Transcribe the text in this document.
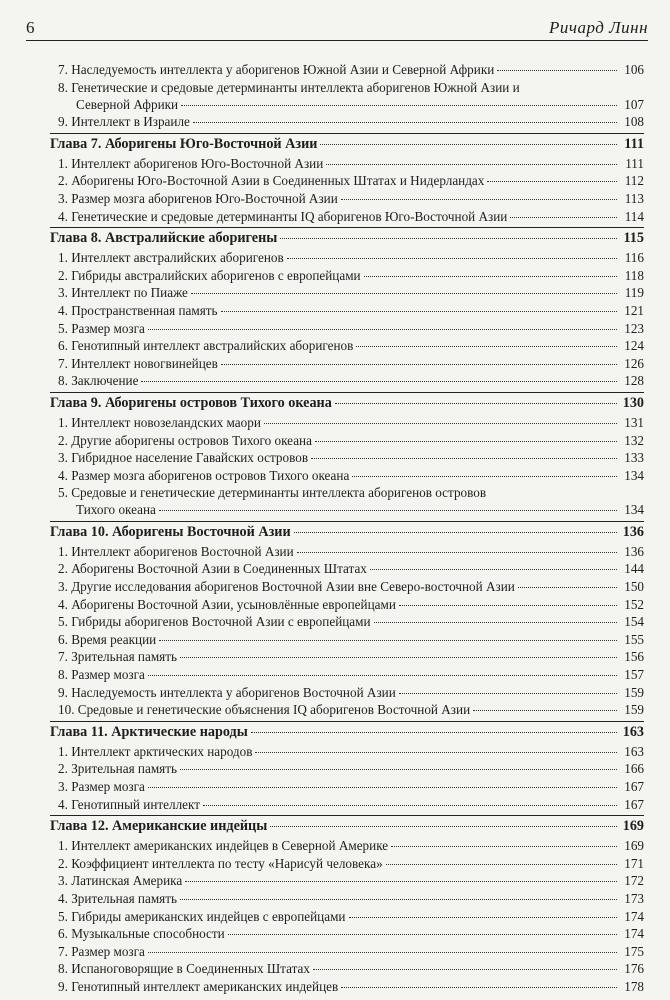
6	Ричард Линн
7. Наследуемость интеллекта у аборигенов Южной Азии и Северной Африки	106
8. Генетические и средовые детерминанты интеллекта аборигенов Южной Азии и
Северной Африки	107
9. Интеллект в Израиле	108
Глава 7. Аборигены Юго-Восточной Азии	111
1. Интеллект аборигенов Юго-Восточной Азии	111
2. Аборигены Юго-Восточной Азии в Соединенных Штатах и Нидерландах	112
3. Размер мозга аборигенов Юго-Восточной Азии	113
4. Генетические и средовые детерминанты IQ аборигенов Юго-Восточной Азии	114
Глава 8. Австралийские аборигены	115
1. Интеллект австралийских аборигенов	116
2. Гибриды австралийских аборигенов с европейцами	118
3. Интеллект по Пиаже	119
4. Пространственная память	121
5. Размер мозга	123
6. Генотипный интеллект австралийских аборигенов	124
7. Интеллект новогвинейцев	126
8. Заключение	128
Глава 9. Аборигены островов Тихого океана	130
1. Интеллект новозеландских маори	131
2. Другие аборигены островов Тихого океана	132
3. Гибридное население Гавайских островов	133
4. Размер мозга аборигенов островов Тихого океана	134
5. Средовые и генетические детерминанты интеллекта аборигенов островов
Тихого океана	134
Глава 10. Аборигены Восточной Азии	136
1. Интеллект аборигенов Восточной Азии	136
2. Аборигены Восточной Азии в Соединенных Штатах	144
3. Другие исследования аборигенов Восточной Азии вне Северо-восточной Азии	150
4. Аборигены Восточной Азии, усыновлённые европейцами	152
5. Гибриды аборигенов Восточной Азии с европейцами	154
6. Время реакции	155
7. Зрительная память	156
8. Размер мозга	157
9. Наследуемость интеллекта у аборигенов Восточной Азии	159
10. Средовые и генетические объяснения IQ аборигенов Восточной Азии	159
Глава 11. Арктические народы	163
1. Интеллект арктических народов	163
2. Зрительная память	166
3. Размер мозга	167
4. Генотипный интеллект	167
Глава 12. Американские индейцы	169
1. Интеллект американских индейцев в Северной Америке	169
2. Коэффициент интеллекта по тесту «Нарисуй человека»	171
3. Латинская Америка	172
4. Зрительная память	173
5. Гибриды американских индейцев с европейцами	174
6. Музыкальные способности	174
7. Размер мозга	175
8. Испаноговорящие в Соединенных Штатах	176
9. Генотипный интеллект американских индейцев	178
